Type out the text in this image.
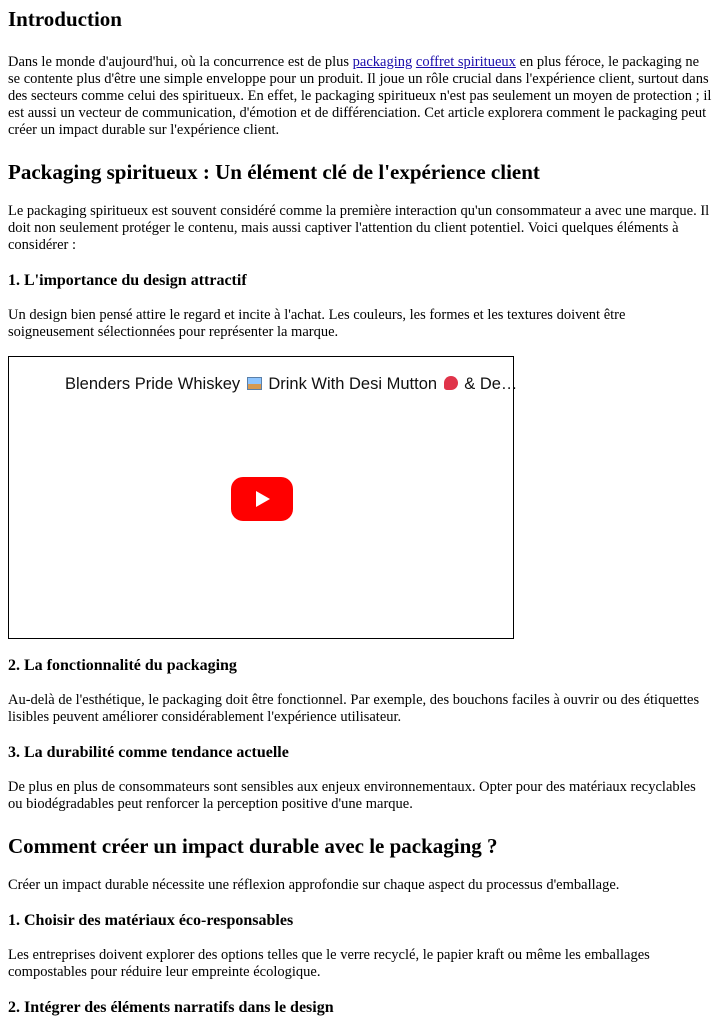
Introduction

Dans le monde d'aujourd'hui, où la concurrence est de plus packaging coffret spiritueux en plus féroce, le packaging ne se contente plus d'être une simple enveloppe pour un produit. Il joue un rôle crucial dans l'expérience client, surtout dans des secteurs comme celui des spiritueux. En effet, le packaging spiritueux n'est pas seulement un moyen de protection ; il est aussi un vecteur de communication, d'émotion et de différenciation. Cet article explorera comment le packaging peut créer un impact durable sur l'expérience client.

Packaging spiritueux : Un élément clé de l'expérience client

Le packaging spiritueux est souvent considéré comme la première interaction qu'un consommateur a avec une marque. Il doit non seulement protéger le contenu, mais aussi captiver l'attention du client potentiel. Voici quelques éléments à considérer :

1. L'importance du design attractif

Un design bien pensé attire le regard et incite à l'achat. Les couleurs, les formes et les textures doivent être soigneusement sélectionnées pour représenter la marque.

Blenders Pride Whiskey Drink With Desi Mutton & De…
2. La fonctionnalité du packaging

Au-delà de l'esthétique, le packaging doit être fonctionnel. Par exemple, des bouchons faciles à ouvrir ou des étiquettes lisibles peuvent améliorer considérablement l'expérience utilisateur.

3. La durabilité comme tendance actuelle

De plus en plus de consommateurs sont sensibles aux enjeux environnementaux. Opter pour des matériaux recyclables ou biodégradables peut renforcer la perception positive d'une marque.

Comment créer un impact durable avec le packaging ?

Créer un impact durable nécessite une réflexion approfondie sur chaque aspect du processus d'emballage.

1. Choisir des matériaux éco-responsables

Les entreprises doivent explorer des options telles que le verre recyclé, le papier kraft ou même les emballages compostables pour réduire leur empreinte écologique.

2. Intégrer des éléments narratifs dans le design
